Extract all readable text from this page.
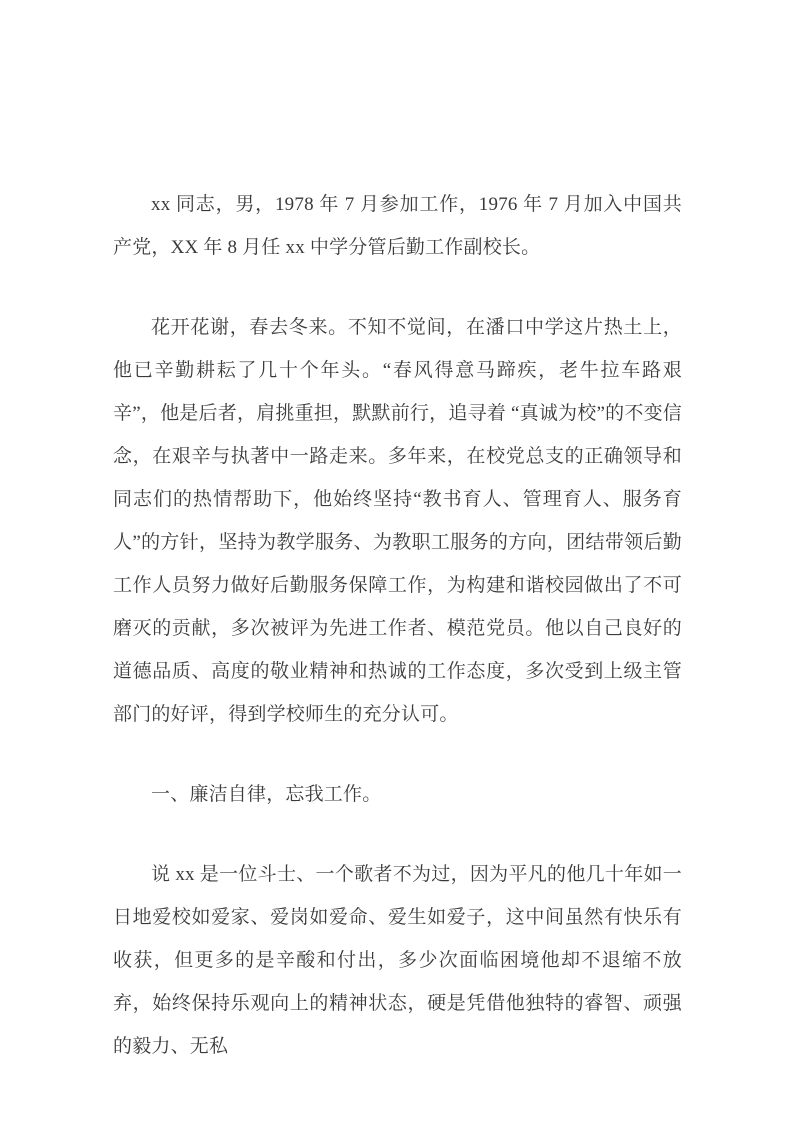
xx 同志，男，1978 年 7 月参加工作，1976 年 7 月加入中国共产党，XX 年 8 月任 xx 中学分管后勤工作副校长。

花开花谢，春去冬来。不知不觉间，在潘口中学这片热土上，他已辛勤耕耘了几十个年头。“春风得意马蹄疾，老牛拉车路艰辛”，他是后者，肩挑重担，默默前行，追寻着 “真诚为校”的不变信念，在艰辛与执著中一路走来。多年来，在校党总支的正确领导和同志们的热情帮助下，他始终坚持“教书育人、管理育人、服务育人”的方针，坚持为教学服务、为教职工服务的方向，团结带领后勤工作人员努力做好后勤服务保障工作，为构建和谐校园做出了不可磨灭的贡献，多次被评为先进工作者、模范党员。他以自己良好的道德品质、高度的敬业精神和热诚的工作态度，多次受到上级主管部门的好评，得到学校师生的充分认可。

一、廉洁自律，忘我工作。

说 xx 是一位斗士、一个歌者不为过，因为平凡的他几十年如一日地爱校如爱家、爱岗如爱命、爱生如爱子，这中间虽然有快乐有收获，但更多的是辛酸和付出，多少次面临困境他却不退缩不放弃，始终保持乐观向上的精神状态，硬是凭借他独特的睿智、顽强的毅力、无私
